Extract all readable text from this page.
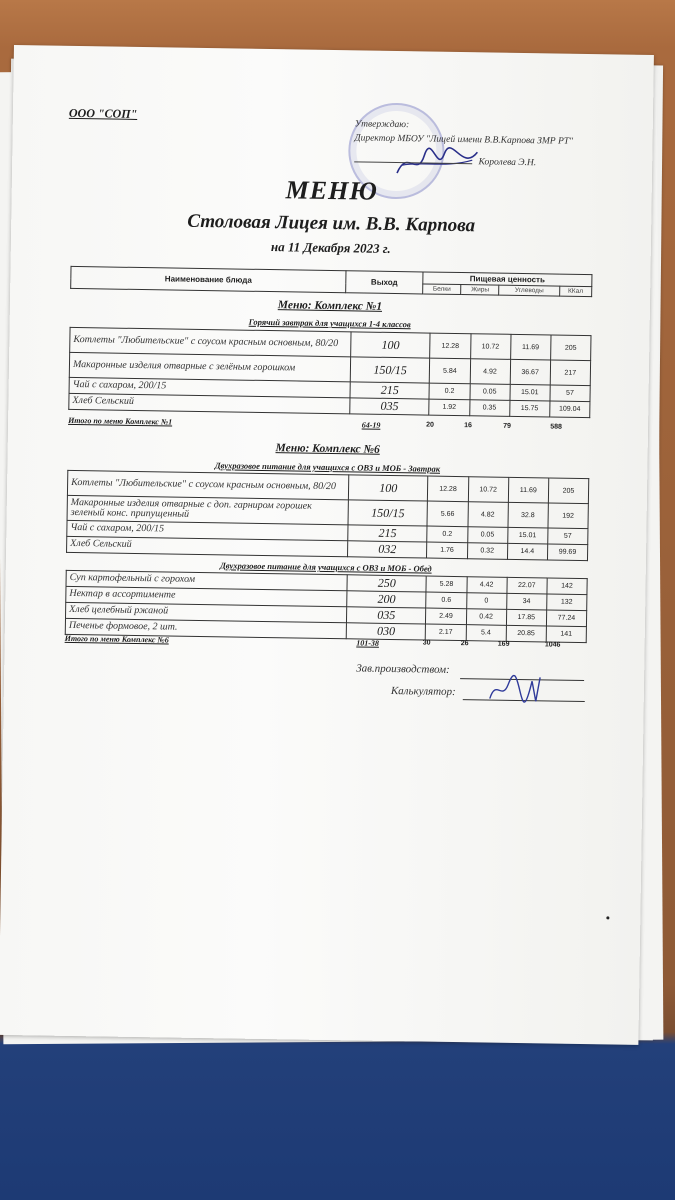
ООО "СОП"
Утверждаю:
Директор МБОУ "Лицей имени В.В.Карпова ЗМР РТ"
Королева Э.Н.
МЕНЮ
Столовая Лицея им. В.В. Карпова
на 11 Декабря 2023 г.
Наименование блюда	Выход	Пищевая ценность			
		Белки	Жиры	Углеводы	ККал
Меню: Комплекс №1
Горячий завтрак для учащихся 1-4 классов
Котлеты "Любительские" с соусом красным основным, 80/20	100	12.28	10.72	11.69	205
Макаронные изделия отварные с зелёным горошком	150/15	5.84	4.92	36.67	217
Чай с сахаром, 200/15	215	0.2	0.05	15.01	57
Хлеб Сельский	035	1.92	0.35	15.75	109.04
Итого по меню Комплекс №1	64-19	20	16	79	588
Меню: Комплекс №6
Двухразовое питание для учащихся с ОВЗ и МОБ - Завтрак
Котлеты "Любительские" с соусом красным основным, 80/20	100	12.28	10.72	11.69	205
Макаронные изделия отварные с доп. гарниром горошек зеленый конс. припущенный	150/15	5.66	4.82	32.8	192
Чай с сахаром, 200/15	215	0.2	0.05	15.01	57
Хлеб Сельский	032	1.76	0.32	14.4	99.69
Двухразовое питание для учащихся с ОВЗ и МОБ - Обед
Суп картофельный с горохом	250	5.28	4.42	22.07	142
Нектар в ассортименте	200	0.6	0	34	132
Хлеб целебный ржаной	035	2.49	0.42	17.85	77.24
Печенье формовое, 2 шт.	030	2.17	5.4	20.85	141
Итого по меню Комплекс №6	101-38	30	26	169	1046
Зав.производством:
Калькулятор:
